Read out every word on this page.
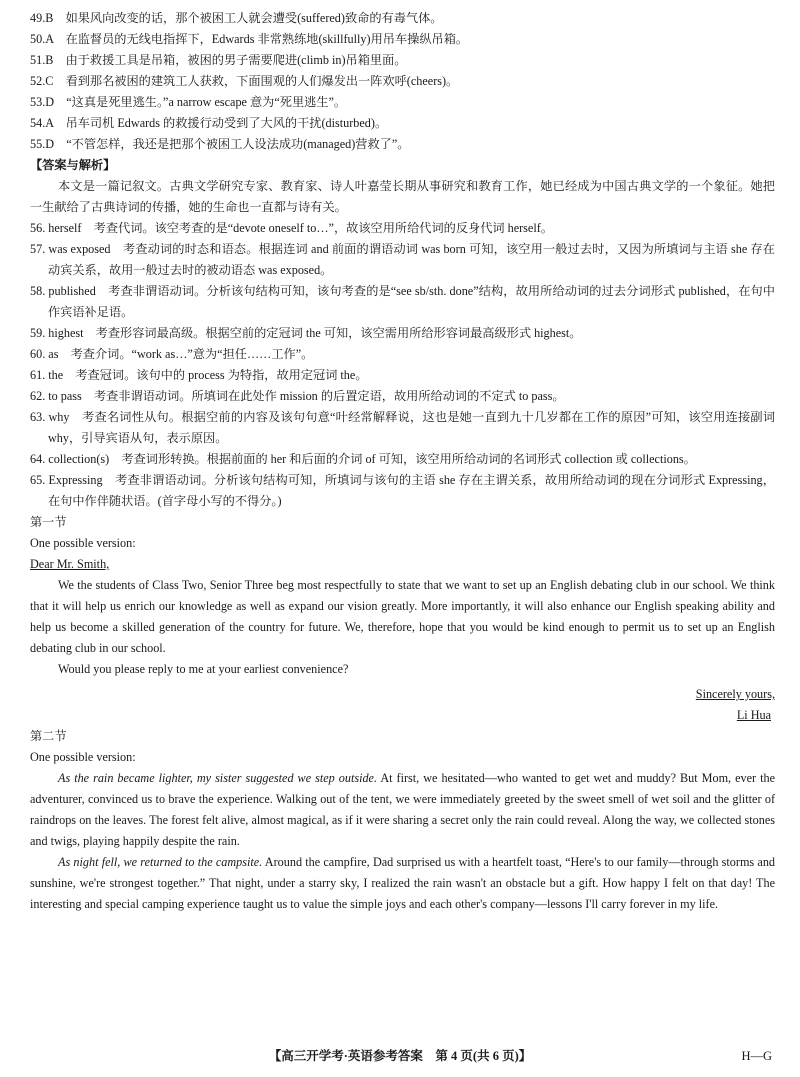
49.B　 如果风向改变的话，那个被困工人就会遭受(suffered)致命的有毒气体。
50.A　 在监督员的无线电指挥下，Edwards 非常熟练地(skillfully)用吊车操纵吊箱。
51.B　 由于救援工具是吊箱，被困的男子需要爬进(climb in)吊箱里面。
52.C　 看到那名被困的建筑工人获救，下面围观的人们爆发出一阵欢呼(cheers)。
53.D　 “这真是死里逃生。”a narrow escape 意为“死里逃生”。
54.A　 吊车司机 Edwards 的救援行动受到了大风的干扰(disturbed)。
55.D　 “不管怎样，我还是把那个被困工人设法成功(managed)营救了”。
【答案与解析】
本文是一篇记叙文。古典文学研究专家、教育家、诗人叶嘉莹长期从事研究和教育工作，她已经成为中国古典文学的一个象征。她把一生献给了古典诗词的传播，她的生命也一直都与诗有关。
56. herself　考查代词。该空考查的是“devote oneself to…”，故该空用所给代词的反身代词 herself。
57. was exposed　考查动词的时态和语态。根据连词 and 前面的谓语动词 was born 可知，该空用一般过去时，又因为所填词与主语 she 存在动宾关系，故用一般过去时的被动语态 was exposed。
58. published　考查非谓语动词。分析该句结构可知，该句考查的是“see sb/sth. done”结构，故用所给动词的过去分词形式 published，在句中作宾语补足语。
59. highest　考查形容词最高级。根据空前的定冠词 the 可知，该空需用所给形容词最高级形式 highest。
60. as　考查介词。“work as…”意为“担任……工作”。
61. the　考查冠词。该句中的 process 为特指，故用定冠词 the。
62. to pass　考查非谓语动词。所填词在此处作 mission 的后置定语，故用所给动词的不定式 to pass。
63. why　考查名词性从句。根据空前的内容及该句句意“叶经常解释说，这也是她一直到九十几岁都在工作的原因”可知，该空用连接副词 why，引导宾语从句，表示原因。
64. collection(s)　考查词形转换。根据前面的 her 和后面的介词 of 可知，该空用所给动词的名词形式 collection 或 collections。
65. Expressing　考查非谓语动词。分析该句结构可知，所填词与该句的主语 she 存在主谓关系，故用所给动词的现在分词形式 Expressing，在句中作伴随状语。(首字母小写的不得分。)
第一节
One possible version:
Dear Mr. Smith,
We the students of Class Two, Senior Three beg most respectfully to state that we want to set up an English debating club in our school. We think that it will help us enrich our knowledge as well as expand our vision greatly. More importantly, it will also enhance our English speaking ability and help us become a skilled generation of the country for future. We, therefore, hope that you would be kind enough to permit us to set up an English debating club in our school.
Would you please reply to me at your earliest convenience?
Sincerely yours,
Li Hua
第二节
One possible version:
As the rain became lighter, my sister suggested we step outside. At first, we hesitated—who wanted to get wet and muddy? But Mom, ever the adventurer, convinced us to brave the experience. Walking out of the tent, we were immediately greeted by the sweet smell of wet soil and the glitter of raindrops on the leaves. The forest felt alive, almost magical, as if it were sharing a secret only the rain could reveal. Along the way, we collected stones and twigs, playing happily despite the rain.
As night fell, we returned to the campsite. Around the campfire, Dad surprised us with a heartfelt toast, “Here's to our family—through storms and sunshine, we're strongest together.” That night, under a starry sky, I realized the rain wasn't an obstacle but a gift. How happy I felt on that day! The interesting and special camping experience taught us to value the simple joys and each other's company—lessons I'll carry forever in my life.
【高三开学考·英语参考答案　第 4 页(共 6 页)】	H—G
